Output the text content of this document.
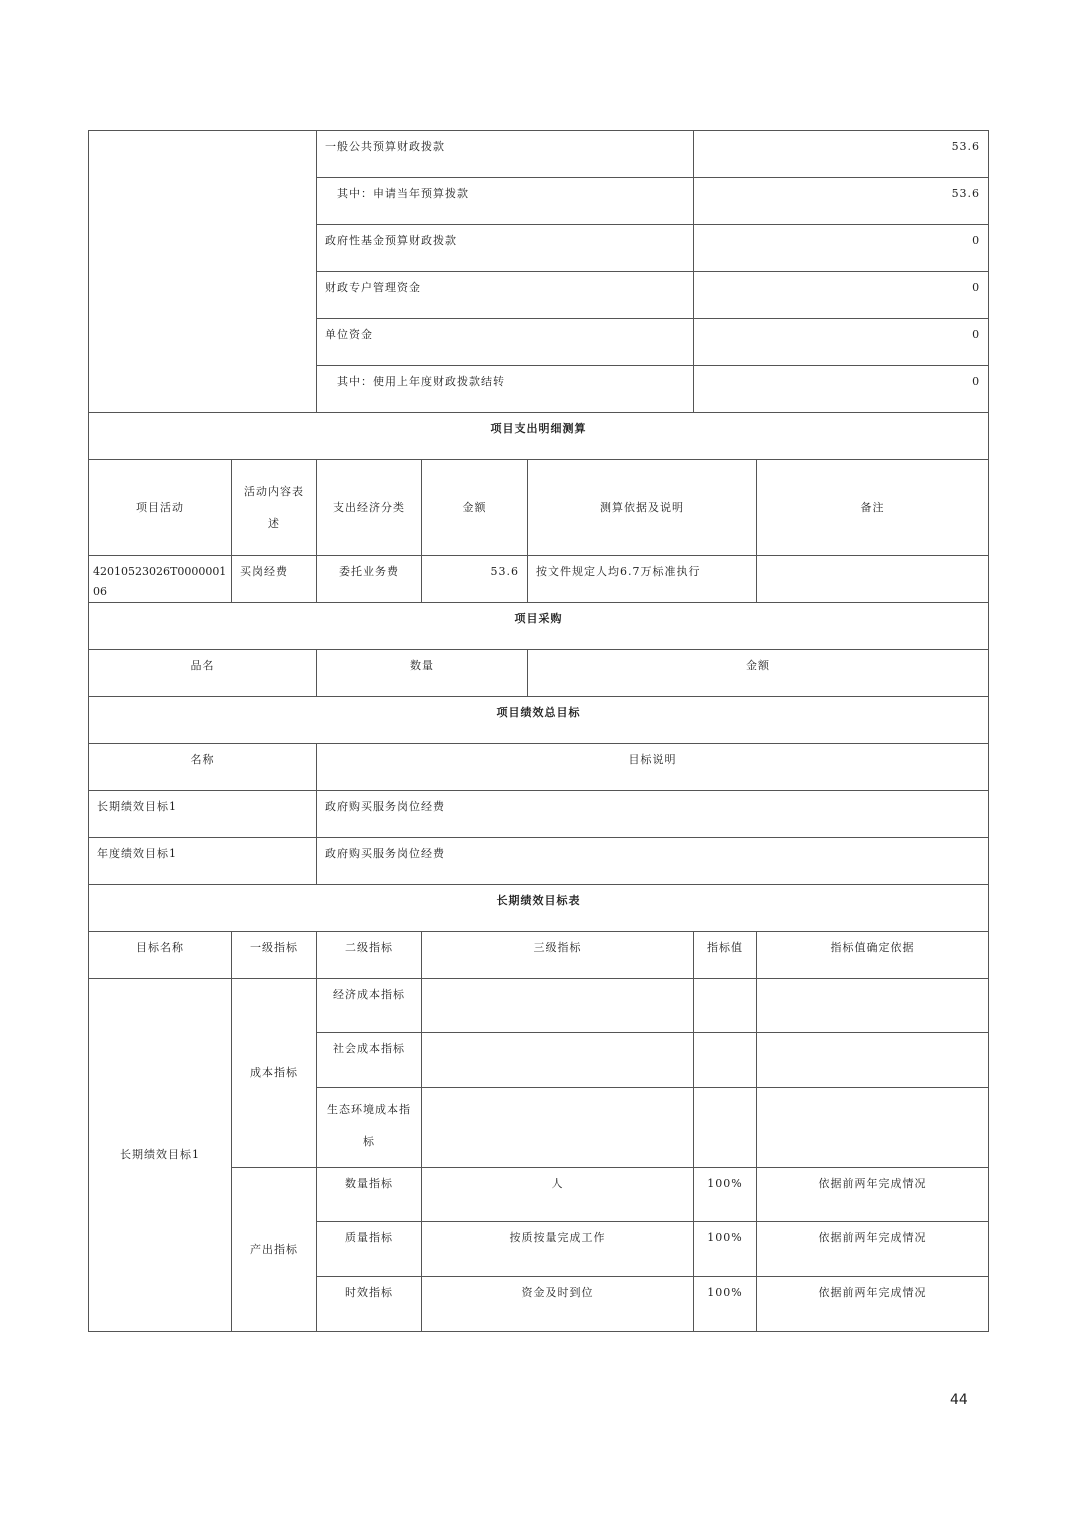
		一般公共预算财政拨款			53.6	
		其中：申请当年预算拨款			53.6	
		政府性基金预算财政拨款			0	
		财政专户管理资金			0	
		单位资金			0	
		其中：使用上年度财政拨款结转			0	
项目支出明细测算						
项目活动	活动内容表述	支出经济分类	金额	测算依据及说明		备注
42010523026T000000106	买岗经费	委托业务费	53.6	按文件规定人均6.7万标准执行		
项目采购						
品名		数量		金额		
项目绩效总目标						
名称		目标说明				
长期绩效目标1		政府购买服务岗位经费				
年度绩效目标1		政府购买服务岗位经费				
长期绩效目标表						
目标名称	一级指标	二级指标	三级指标		指标值	指标值确定依据
长期绩效目标1	成本指标	经济成本指标				
		社会成本指标				
		生态环境成本指标				
	产出指标	数量指标	人		100%	依据前两年完成情况
		质量指标	按质按量完成工作		100%	依据前两年完成情况
		时效指标	资金及时到位		100%	依据前两年完成情况
44
